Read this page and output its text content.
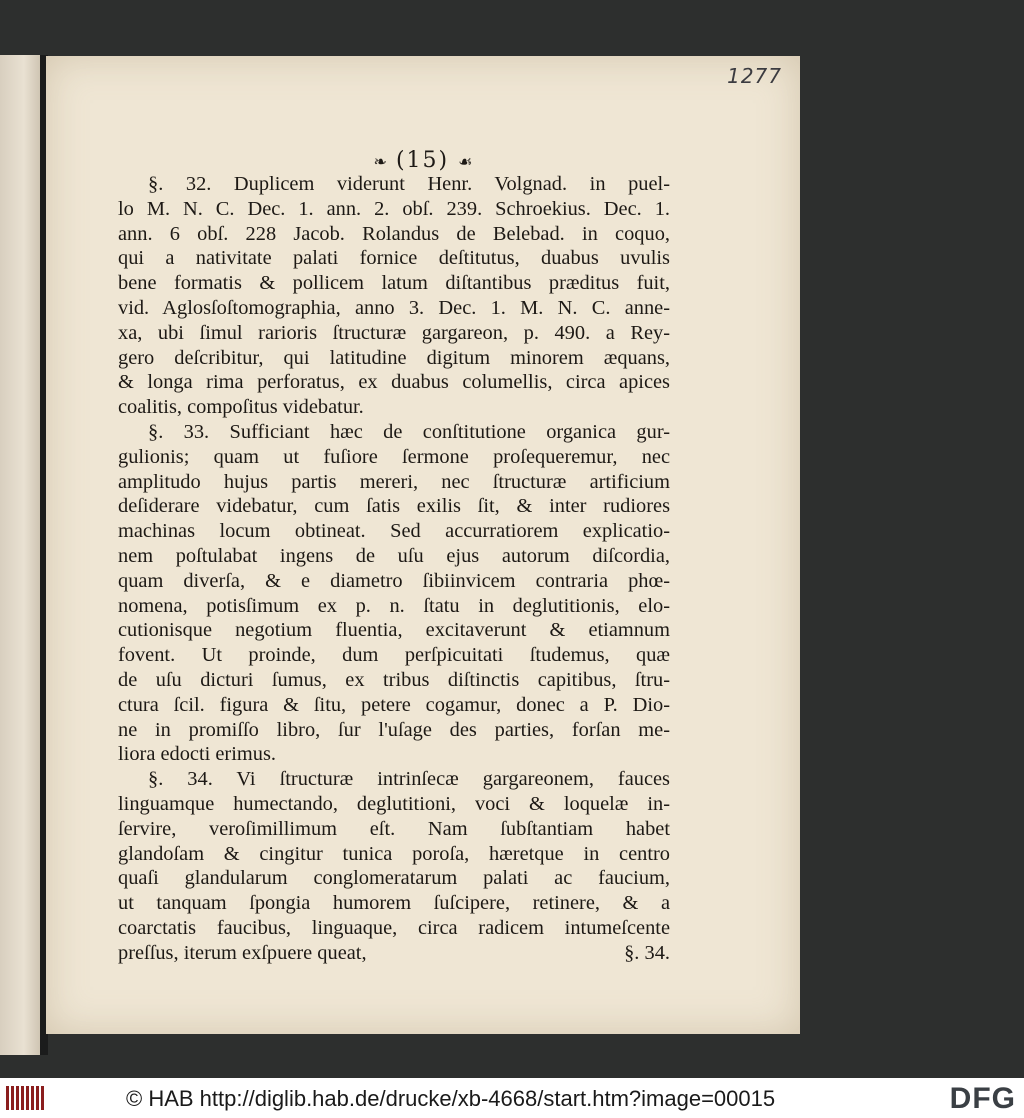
1277
❧ (15) ☙
§. 32. Duplicem viderunt Henr. Volgnad. in puel-
lo M. N. C. Dec. 1. ann. 2. obſ. 239. Schroekius. Dec. 1.
ann. 6 obſ. 228 Jacob. Rolandus de Belebad. in coquo,
qui a nativitate palati fornice deſtitutus, duabus uvulis
bene formatis & pollicem latum diſtantibus præditus fuit,
vid. Aglosſoſtomographia, anno 3. Dec. 1. M. N. C. anne-
xa, ubi ſimul rarioris ſtructuræ gargareon, p. 490. a Rey-
gero deſcribitur, qui latitudine digitum minorem æquans,
& longa rima perforatus, ex duabus columellis, circa apices
coalitis, compoſitus videbatur.
§. 33. Sufficiant hæc de conſtitutione organica gur-
gulionis; quam ut fuſiore ſermone proſequeremur, nec
amplitudo hujus partis mereri, nec ſtructuræ artificium
deſiderare videbatur, cum ſatis exilis ſit, & inter rudiores
machinas locum obtineat. Sed accurratiorem explicatio-
nem poſtulabat ingens de uſu ejus autorum diſcordia,
quam diverſa, & e diametro ſibiinvicem contraria phœ-
nomena, potisſimum ex p. n. ſtatu in deglutitionis, elo-
cutionisque negotium fluentia, excitaverunt & etiamnum
fovent. Ut proinde, dum perſpicuitati ſtudemus, quæ
de uſu dicturi ſumus, ex tribus diſtinctis capitibus, ſtru-
ctura ſcil. figura & ſitu, petere cogamur, donec a P. Dio-
ne in promiſſo libro, ſur l'uſage des parties, forſan me-
liora edocti erimus.
§. 34. Vi ſtructuræ intrinſecæ gargareonem, fauces
linguamque humectando, deglutitioni, voci & loquelæ in-
ſervire, veroſimillimum eſt. Nam ſubſtantiam habet
glandoſam & cingitur tunica poroſa, hæretque in centro
quaſi glandularum conglomeratarum palati ac faucium,
ut tanquam ſpongia humorem ſuſcipere, retinere, & a
coarctatis faucibus, linguaque, circa radicem intumeſcente
preſſus, iterum exſpuere queat,	§. 34.
© HAB http://diglib.hab.de/drucke/xb-4668/start.htm?image=00015	DFG
